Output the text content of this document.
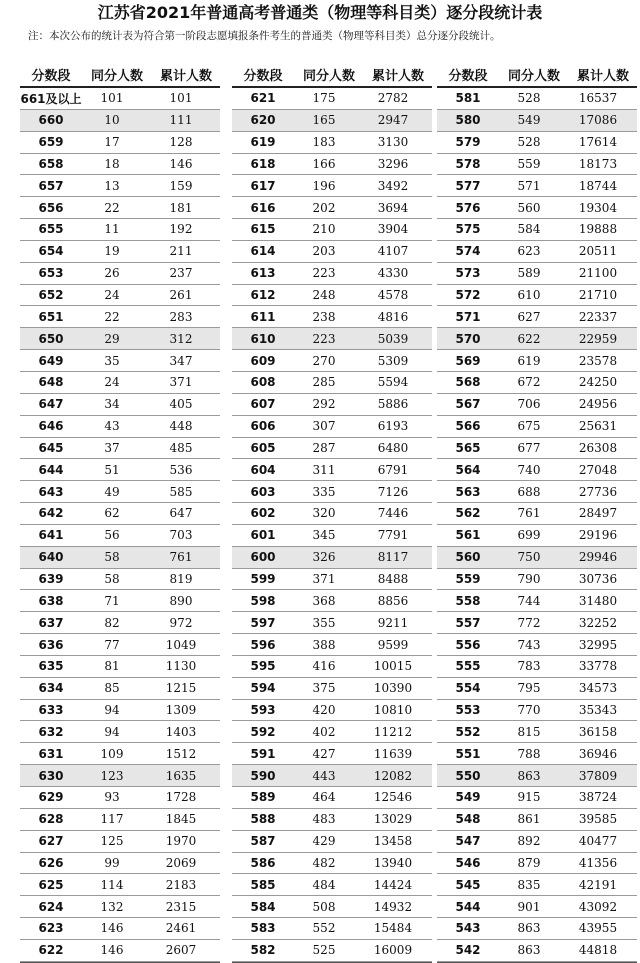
江苏省2021年普通高考普通类（物理等科目类）逐分段统计表
注：本次公布的统计表为符合第一阶段志愿填报条件考生的普通类（物理等科目类）总分逐分段统计。
分数段	同分人数	累计人数
661及以上	101	101
660	10	111
659	17	128
658	18	146
657	13	159
656	22	181
655	11	192
654	19	211
653	26	237
652	24	261
651	22	283
650	29	312
649	35	347
648	24	371
647	34	405
646	43	448
645	37	485
644	51	536
643	49	585
642	62	647
641	56	703
640	58	761
639	58	819
638	71	890
637	82	972
636	77	1049
635	81	1130
634	85	1215
633	94	1309
632	94	1403
631	109	1512
630	123	1635
629	93	1728
628	117	1845
627	125	1970
626	99	2069
625	114	2183
624	132	2315
623	146	2461
622	146	2607
分数段	同分人数	累计人数
621	175	2782
620	165	2947
619	183	3130
618	166	3296
617	196	3492
616	202	3694
615	210	3904
614	203	4107
613	223	4330
612	248	4578
611	238	4816
610	223	5039
609	270	5309
608	285	5594
607	292	5886
606	307	6193
605	287	6480
604	311	6791
603	335	7126
602	320	7446
601	345	7791
600	326	8117
599	371	8488
598	368	8856
597	355	9211
596	388	9599
595	416	10015
594	375	10390
593	420	10810
592	402	11212
591	427	11639
590	443	12082
589	464	12546
588	483	13029
587	429	13458
586	482	13940
585	484	14424
584	508	14932
583	552	15484
582	525	16009
分数段	同分人数	累计人数
581	528	16537
580	549	17086
579	528	17614
578	559	18173
577	571	18744
576	560	19304
575	584	19888
574	623	20511
573	589	21100
572	610	21710
571	627	22337
570	622	22959
569	619	23578
568	672	24250
567	706	24956
566	675	25631
565	677	26308
564	740	27048
563	688	27736
562	761	28497
561	699	29196
560	750	29946
559	790	30736
558	744	31480
557	772	32252
556	743	32995
555	783	33778
554	795	34573
553	770	35343
552	815	36158
551	788	36946
550	863	37809
549	915	38724
548	861	39585
547	892	40477
546	879	41356
545	835	42191
544	901	43092
543	863	43955
542	863	44818
